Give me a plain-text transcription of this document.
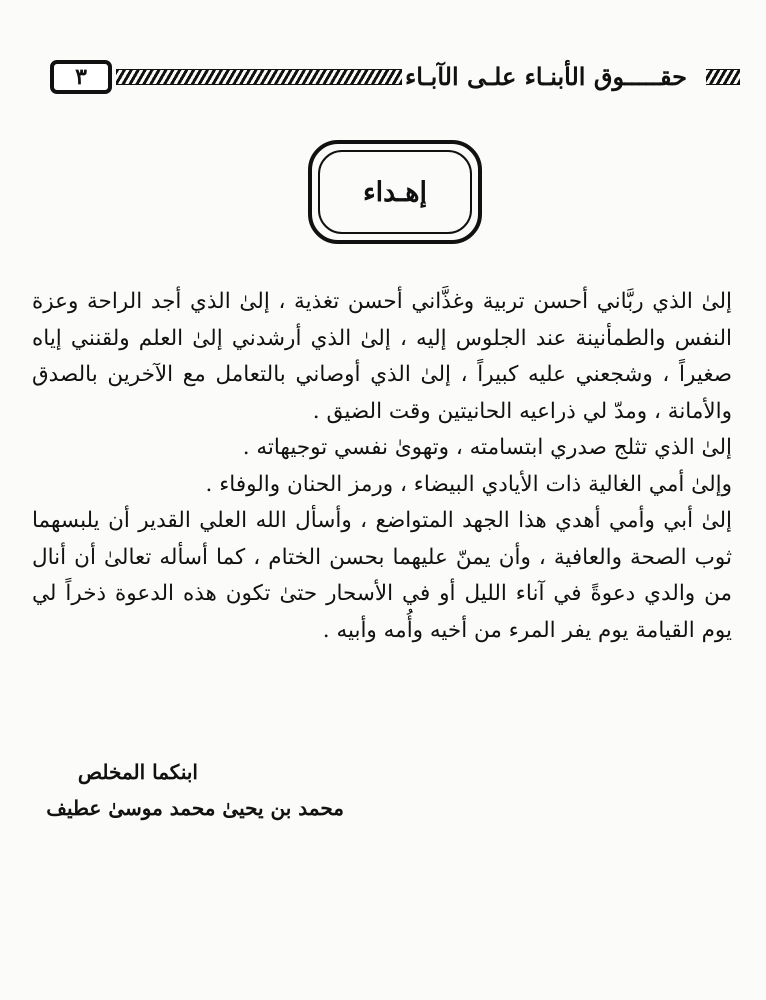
٣	حقـــــوق الأبنـاء علـى الآبـاء
إهـداء

إلىٰ الذي ربَّاني أحسن تربية وغذَّاني أحسن تغذية ، إلىٰ الذي أجد الراحة وعزة النفس والطمأنينة عند الجلوس إليه ، إلىٰ الذي أرشدني إلىٰ العلم ولقنني إياه صغيراً ، وشجعني عليه كبيراً ، إلىٰ الذي أوصاني بالتعامل مع الآخرين بالصدق والأمانة ، ومدّ لي ذراعيه الحانيتين وقت الضيق .

إلىٰ الذي تثلج صدري ابتسامته ، وتهوىٰ نفسي توجيهاته .

وإلىٰ أمي الغالية ذات الأيادي البيضاء ، ورمز الحنان والوفاء .

إلىٰ أبي وأمي أهدي هذا الجهد المتواضع ، وأسأل الله العلي القدير أن يلبسهما ثوب الصحة والعافية ، وأن يمنّ عليهما بحسن الختام ، كما أسأله تعالىٰ أن أنال من والدي دعوةً في آناء الليل أو في الأسحار حتىٰ تكون هذه الدعوة ذخراً لي يوم القيامة يوم يفر المرء من أخيه وأُمه وأبيه .

ابنكما المخلص
محمد بن يحيىٰ محمد موسىٰ عطيف
